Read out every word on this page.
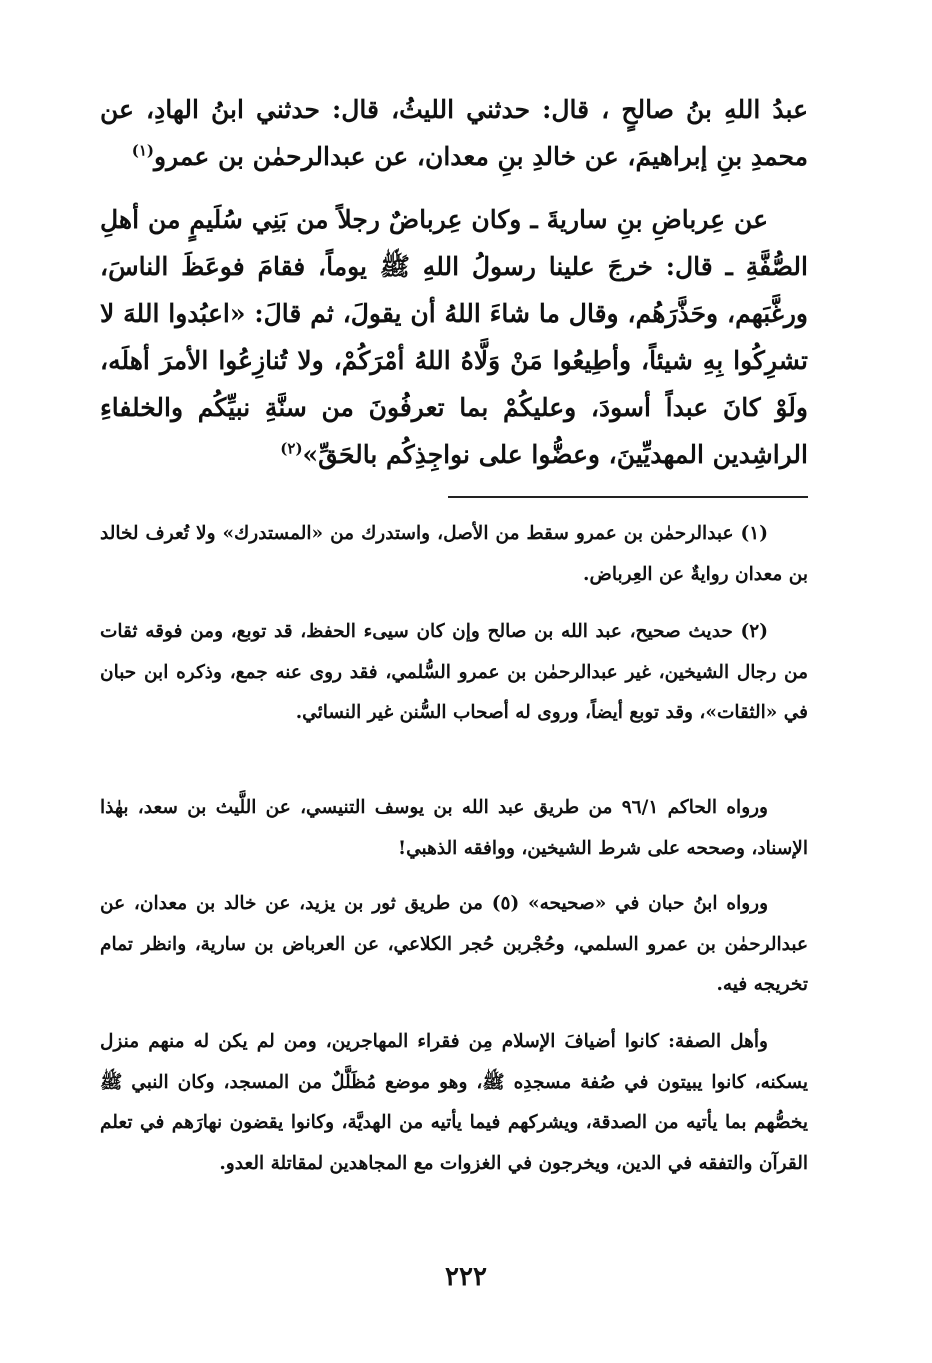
عبدُ اللهِ بنُ صالحٍ ، قال: حدثني الليثُ، قال: حدثني ابنُ الهادِ، عن محمدِ بنِ إبراهيمَ، عن خالدِ بنِ معدان، عن عبدالرحمٰن بن عمرو$^{(١)}$

عن عِرباضِ بنِ ساريةَ ـ وكان عِرباضٌ رجلاً من بَنِي سُلَيمٍ من أهلِ الصُّفَّةِ ـ قال: خرجَ علينا رسولُ اللهِ ﷺ يوماً، فقامَ فوعَظَ الناسَ، ورغَّبَهم، وحَذَّرَهُم، وقال ما شاءَ اللهُ أن يقولَ، ثم قالَ: «اعبُدوا اللهَ لا تشرِكُوا بِهِ شيئاً، وأطِيعُوا مَنْ وَلَّاهُ اللهُ أمْرَكُمْ، ولا تُنازِعُوا الأمرَ أهلَه، ولَوْ كانَ عبداً أسودَ، وعليكُمْ بما تعرفُونَ من سنَّةِ نبيِّكُم والخلفاءِ الراشِدين المهديِّينَ، وعضُّوا على نواجِذِكُم بالحَقِّ»$^{(٢)}$

(١) عبدالرحمٰن بن عمرو سقط من الأصل، واستدرك من «المستدرك» ولا تُعرف لخالد بن معدان روايةٌ عن العِرباض.

(٢) حديث صحيح، عبد الله بن صالح وإن كان سيىء الحفظ، قد توبع، ومن فوقه ثقات من رجال الشيخين، غير عبدالرحمٰن بن عمرو السُّلمي، فقد روى عنه جمع، وذكره ابن حبان في «الثقات»، وقد توبع أيضاً، وروى له أصحاب السُّنن غير النسائي.

ورواه الحاكم ٩٦/١ من طريق عبد الله بن يوسف التنيسي، عن اللَّيث بن سعد، بهٰذا الإسناد، وصححه على شرط الشيخين، ووافقه الذهبي!

ورواه ابنُ حبان في «صحيحه» (٥) من طريق ثور بن يزيد، عن خالد بن معدان، عن عبدالرحمٰن بن عمرو السلمي، وحُجْربن حُجر الكلاعي، عن العرباض بن سارية، وانظر تمام تخريجه فيه.

وأهل الصفة: كانوا أضيافَ الإسلام مِن فقراء المهاجرين، ومن لم يكن له منهم منزل يسكنه، كانوا يبيتون في صُفة مسجدِه ﷺ، وهو موضع مُظَلَّلٌ من المسجد، وكان النبي ﷺ يخصُّهم بما يأتيه من الصدقة، ويشركهم فيما يأتيه من الهديَّة، وكانوا يقضون نهارَهم في تعلم القرآن والتفقه في الدين، ويخرجون في الغزوات مع المجاهدين لمقاتلة العدو.

٢٢٢
